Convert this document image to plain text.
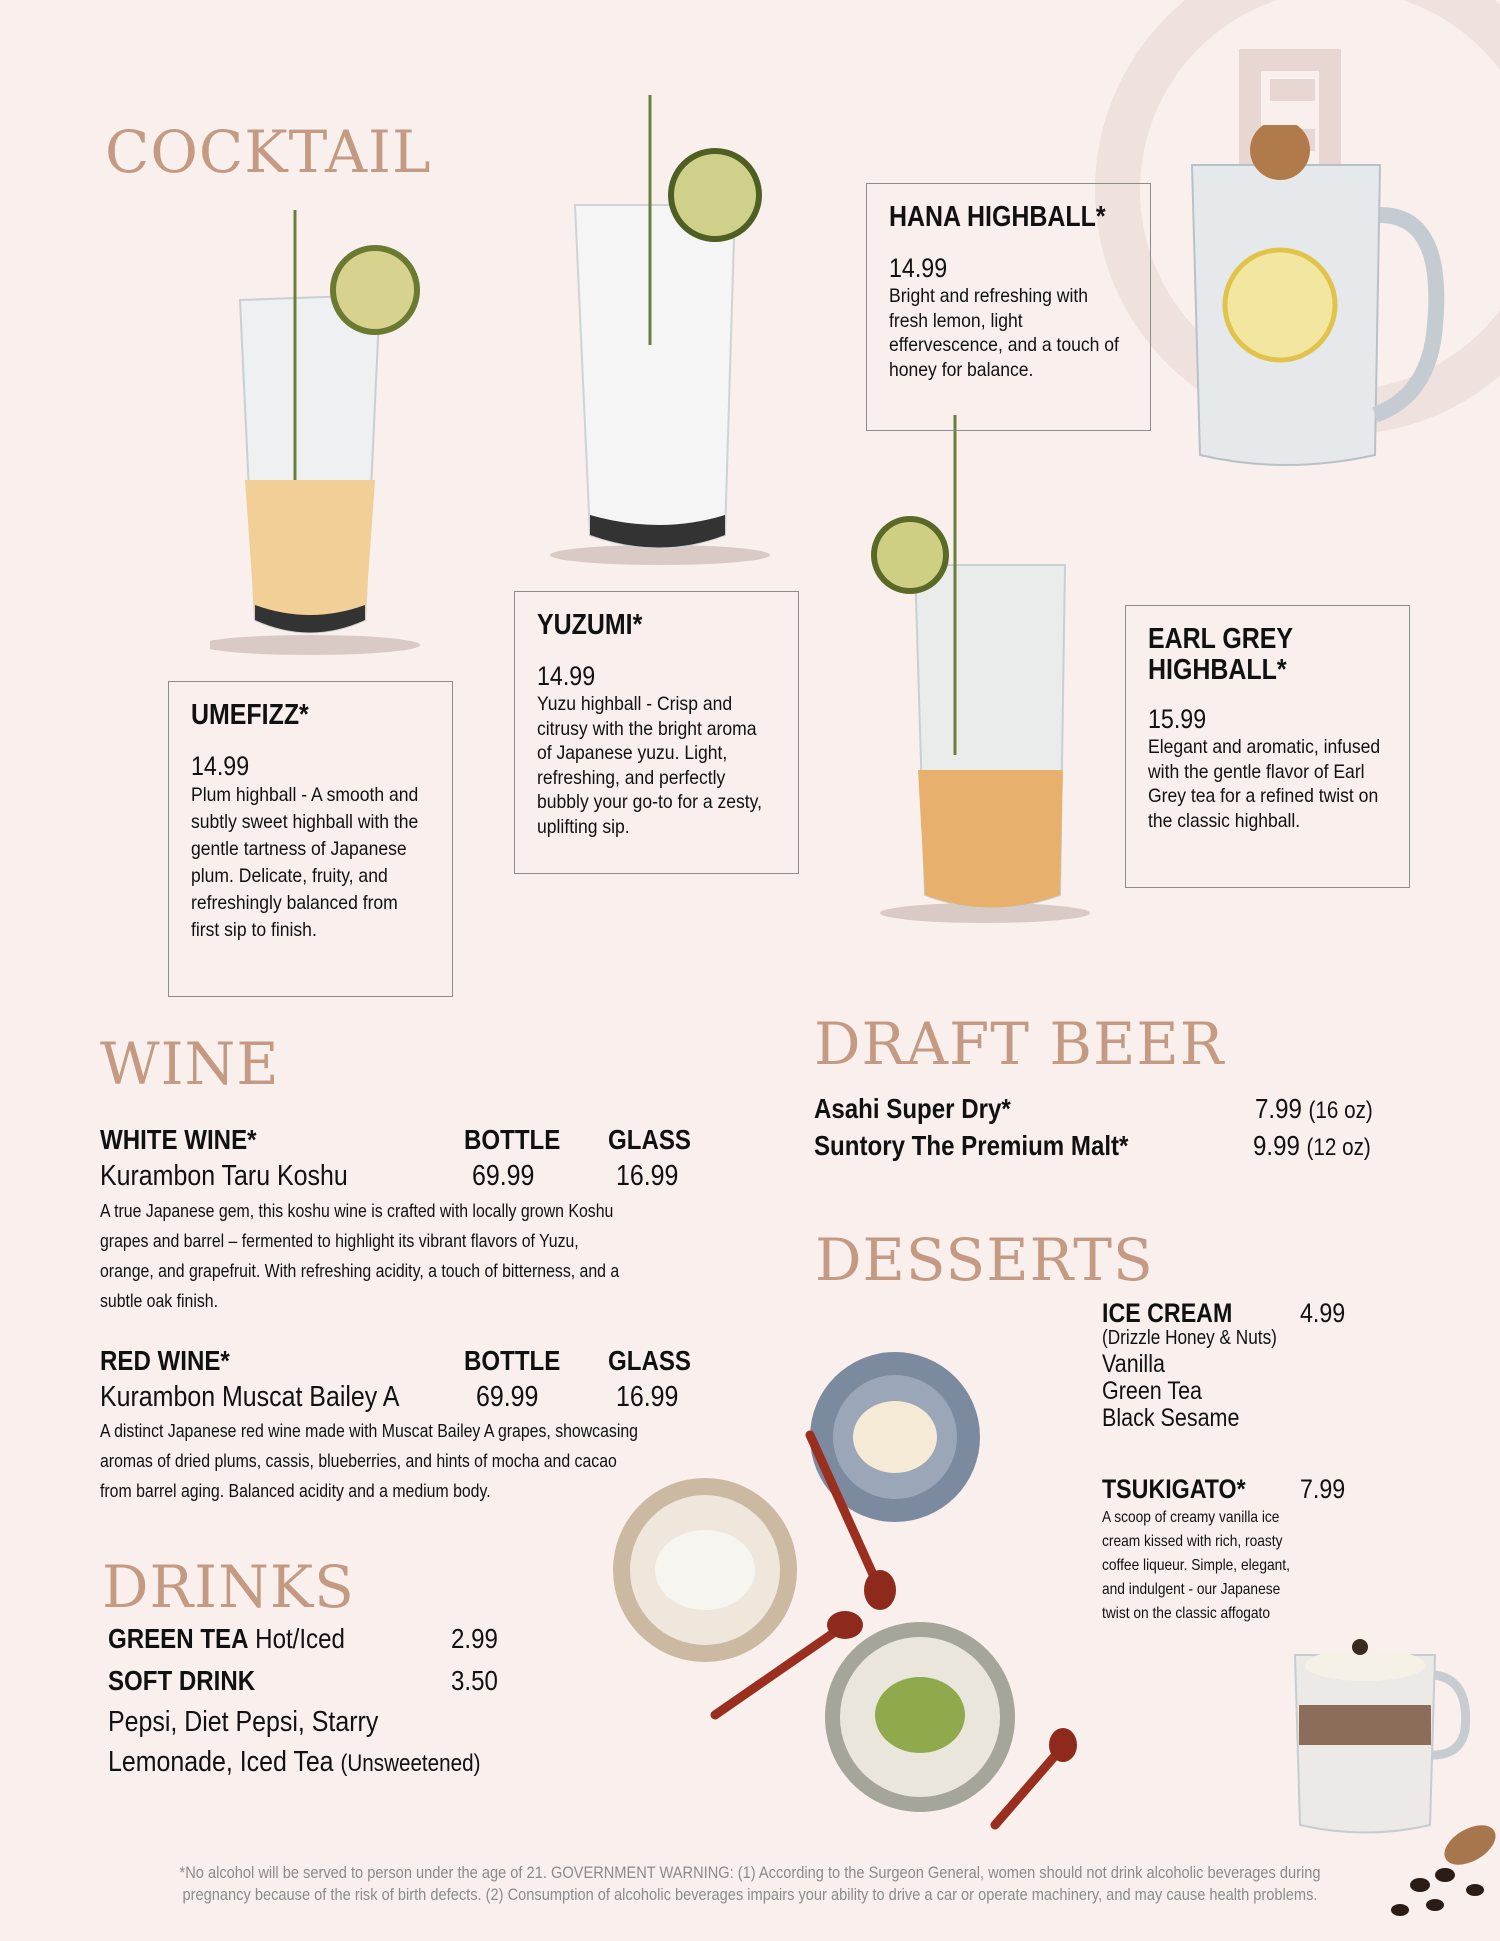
COCKTAIL
UMEFIZZ*
14.99
Plum highball - A smooth and subtly sweet highball with the gentle tartness of Japanese plum. Delicate, fruity, and refreshingly balanced from first sip to finish.
YUZUMI*
14.99
Yuzu highball - Crisp and citrusy with the bright aroma of Japanese yuzu. Light, refreshing, and perfectly bubbly your go-to for a zesty, uplifting sip.
HANA HIGHBALL*
14.99
Bright and refreshing with fresh lemon, light effervescence, and a touch of honey for balance.
EARL GREY
HIGHBALL*
15.99
Elegant and aromatic, infused with the gentle flavor of Earl Grey tea for a refined twist on the classic highball.
WINE
WHITE WINE*	BOTTLE GLASS
Kurambon Taru Koshu	69.99	16.99
A true Japanese gem, this koshu wine is crafted with locally grown Koshu grapes and barrel – fermented to highlight its vibrant flavors of Yuzu, orange, and grapefruit. With refreshing acidity, a touch of bitterness, and a subtle oak finish.
RED WINE*	BOTTLE GLASS
Kurambon Muscat Bailey A	69.99	16.99
A distinct Japanese red wine made with Muscat Bailey A grapes, showcasing aromas of dried plums, cassis, blueberries, and hints of mocha and cacao from barrel aging. Balanced acidity and a medium body.
DRINKS
GREEN TEA Hot/Iced	2.99
SOFT DRINK	3.50
Pepsi, Diet Pepsi, Starry
Lemonade, Iced Tea (Unsweetened)
DRAFT BEER
Asahi Super Dry*	7.99 (16 oz)
Suntory The Premium Malt*	9.99 (12 oz)
DESSERTS
ICE CREAM	4.99
(Drizzle Honey & Nuts)
Vanilla
Green Tea
Black Sesame
TSUKIGATO* 7.99
A scoop of creamy vanilla ice cream kissed with rich, roasty coffee liqueur. Simple, elegant, and indulgent - our Japanese twist on the classic affogato
*No alcohol will be served to person under the age of 21. GOVERNMENT WARNING: (1) According to the Surgeon General, women should not drink alcoholic beverages during
pregnancy because of the risk of birth defects. (2) Consumption of alcoholic beverages impairs your ability to drive a car or operate machinery, and may cause health problems.
